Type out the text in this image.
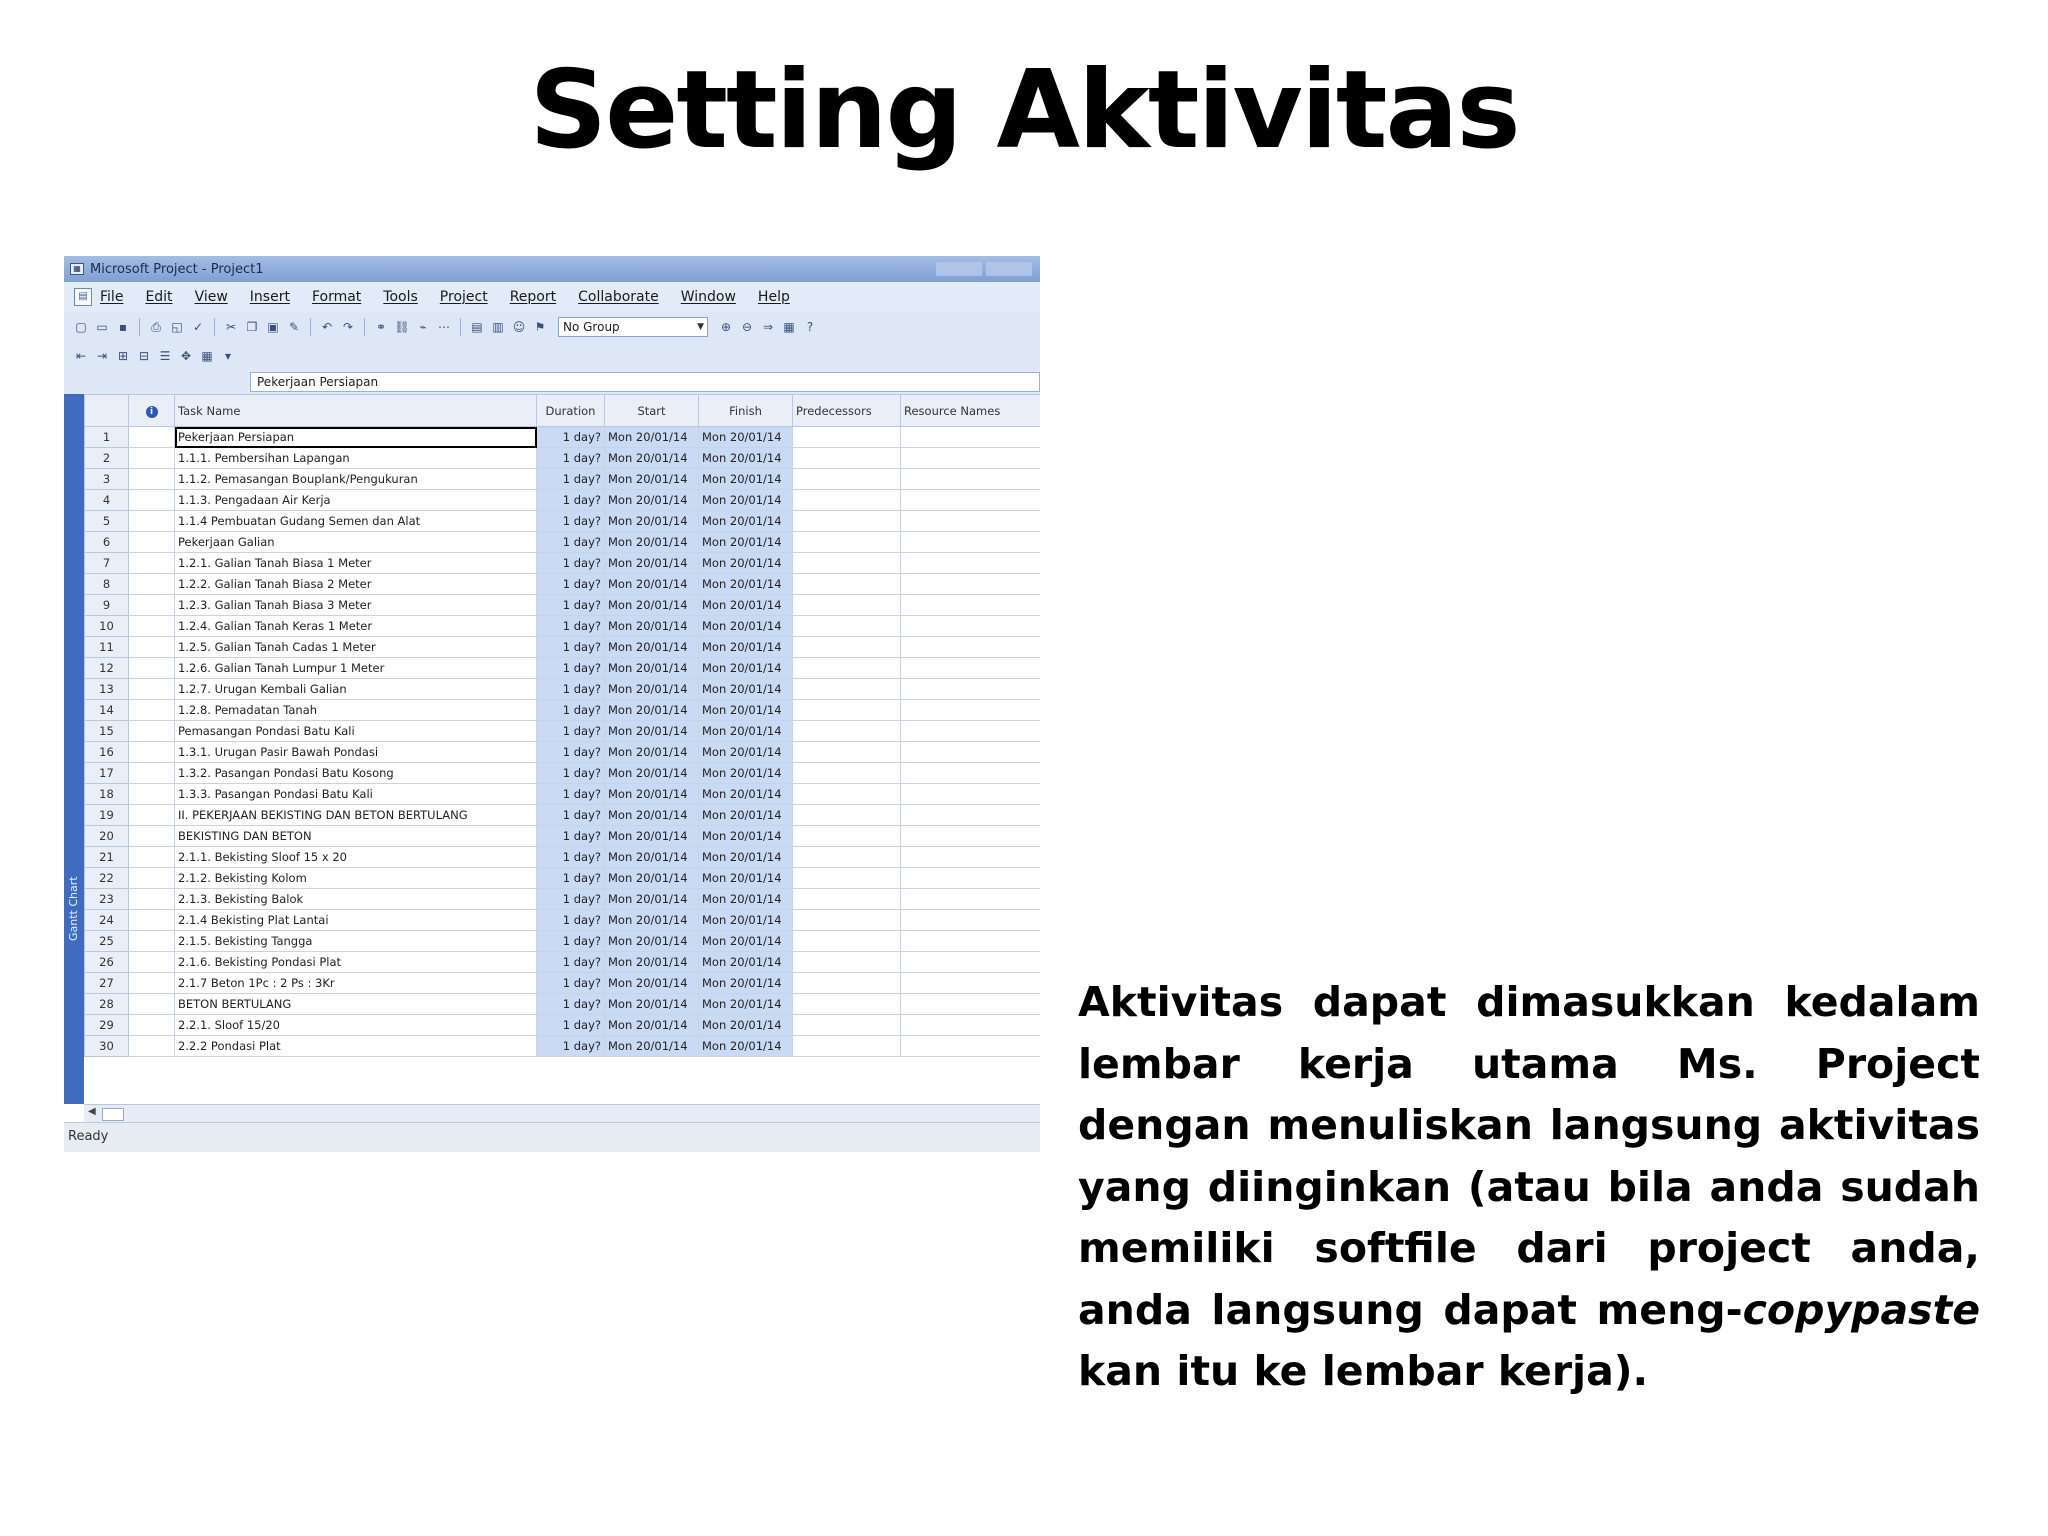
Setting Aktivitas
▦ Microsoft Project - Project1
▤ File Edit View Insert Format Tools Project Report Collaborate Window Help
▢ ▭ ▪	⎙ ◱ ✓	✂ ❐ ▣ ✎	↶ ↷	⚭ ⛓ ⌁ ⋯ ▤ ▥ ☺ ⚑	No Group	▼	⊕ ⊖ ⇒ ▦	?
⇤ ⇥ ⊞ ⊟ ☰ ✥ ▦	▾
Pekerjaan Persiapan
Gantt Chart
	i	Task Name	Duration	Start	Finish	Predecessors	Resource Names
1		Pekerjaan Persiapan	1 day?	Mon 20/01/14	Mon 20/01/14		
2		1.1.1. Pembersihan Lapangan	1 day?	Mon 20/01/14	Mon 20/01/14		
3		1.1.2. Pemasangan Bouplank/Pengukuran	1 day?	Mon 20/01/14	Mon 20/01/14		
4		1.1.3. Pengadaan Air Kerja	1 day?	Mon 20/01/14	Mon 20/01/14		
5		1.1.4 Pembuatan Gudang Semen dan Alat	1 day?	Mon 20/01/14	Mon 20/01/14		
6		Pekerjaan Galian	1 day?	Mon 20/01/14	Mon 20/01/14		
7		1.2.1. Galian Tanah Biasa 1 Meter	1 day?	Mon 20/01/14	Mon 20/01/14		
8		1.2.2. Galian Tanah Biasa 2 Meter	1 day?	Mon 20/01/14	Mon 20/01/14		
9		1.2.3. Galian Tanah Biasa 3 Meter	1 day?	Mon 20/01/14	Mon 20/01/14		
10		1.2.4. Galian Tanah Keras 1 Meter	1 day?	Mon 20/01/14	Mon 20/01/14		
11		1.2.5. Galian Tanah Cadas 1 Meter	1 day?	Mon 20/01/14	Mon 20/01/14		
12		1.2.6. Galian Tanah Lumpur 1 Meter	1 day?	Mon 20/01/14	Mon 20/01/14		
13		1.2.7. Urugan Kembali Galian	1 day?	Mon 20/01/14	Mon 20/01/14		
14		1.2.8. Pemadatan Tanah	1 day?	Mon 20/01/14	Mon 20/01/14		
15		Pemasangan Pondasi Batu Kali	1 day?	Mon 20/01/14	Mon 20/01/14		
16		1.3.1. Urugan Pasir Bawah Pondasi	1 day?	Mon 20/01/14	Mon 20/01/14		
17		1.3.2. Pasangan Pondasi Batu Kosong	1 day?	Mon 20/01/14	Mon 20/01/14		
18		1.3.3. Pasangan Pondasi Batu Kali	1 day?	Mon 20/01/14	Mon 20/01/14		
19		II. PEKERJAAN BEKISTING DAN BETON BERTULANG	1 day?	Mon 20/01/14	Mon 20/01/14		
20		BEKISTING DAN BETON	1 day?	Mon 20/01/14	Mon 20/01/14		
21		2.1.1. Bekisting Sloof 15 x 20	1 day?	Mon 20/01/14	Mon 20/01/14		
22		2.1.2. Bekisting Kolom	1 day?	Mon 20/01/14	Mon 20/01/14		
23		2.1.3. Bekisting Balok	1 day?	Mon 20/01/14	Mon 20/01/14		
24		2.1.4 Bekisting Plat Lantai	1 day?	Mon 20/01/14	Mon 20/01/14		
25		2.1.5. Bekisting Tangga	1 day?	Mon 20/01/14	Mon 20/01/14		
26		2.1.6. Bekisting Pondasi Plat	1 day?	Mon 20/01/14	Mon 20/01/14		
27		2.1.7 Beton 1Pc : 2 Ps : 3Kr	1 day?	Mon 20/01/14	Mon 20/01/14		
28		BETON BERTULANG	1 day?	Mon 20/01/14	Mon 20/01/14		
29		2.2.1. Sloof 15/20	1 day?	Mon 20/01/14	Mon 20/01/14		
30		2.2.2 Pondasi Plat	1 day?	Mon 20/01/14	Mon 20/01/14		
◀
Ready

Aktivitas dapat dimasukkan kedalam lembar kerja utama Ms. Project dengan menuliskan langsung aktivitas yang diinginkan (atau bila anda sudah memiliki softfile dari project anda, anda langsung dapat meng-copypaste kan itu ke lembar kerja).
